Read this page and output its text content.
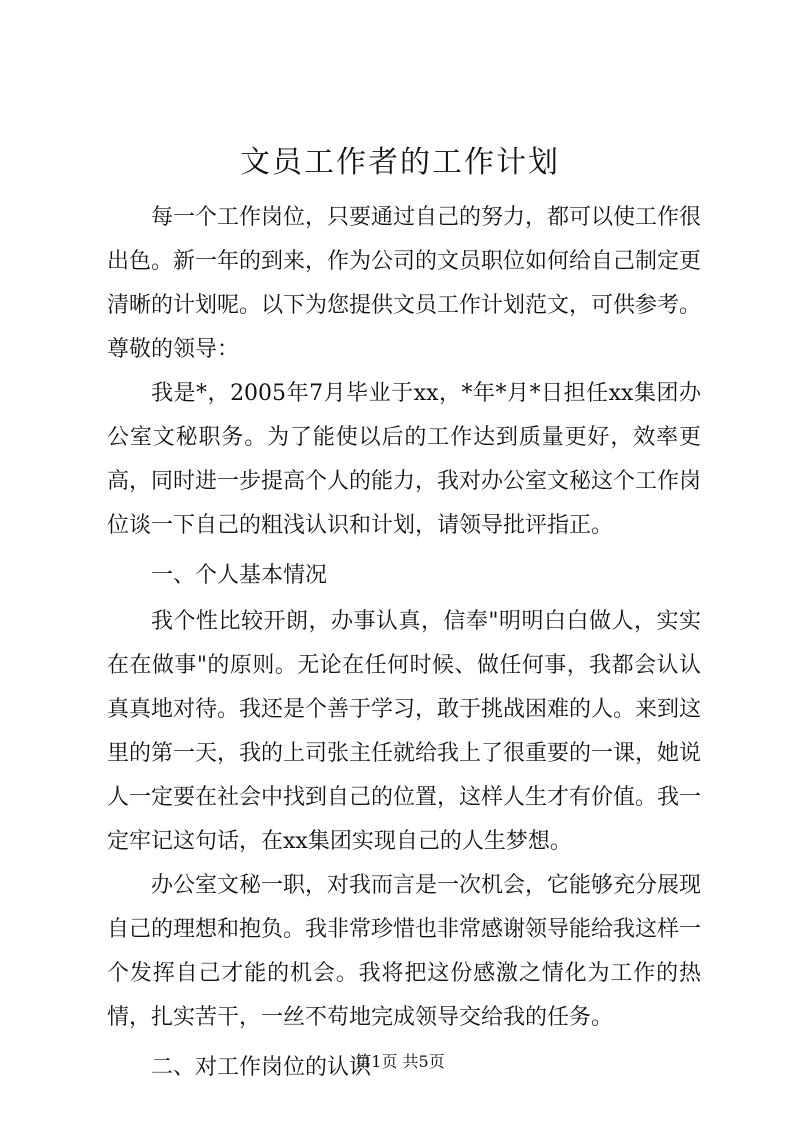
文员工作者的工作计划

每一个工作岗位，只要通过自己的努力，都可以使工作很出色。新一年的到来，作为公司的文员职位如何给自己制定更清晰的计划呢。以下为您提供文员工作计划范文，可供参考。尊敬的领导：

我是*，2005年7月毕业于xx，*年*月*日担任xx集团办公室文秘职务。为了能使以后的工作达到质量更好，效率更高，同时进一步提高个人的能力，我对办公室文秘这个工作岗位谈一下自己的粗浅认识和计划，请领导批评指正。

一、个人基本情况

我个性比较开朗，办事认真，信奉"明明白白做人，实实在在做事"的原则。无论在任何时候、做任何事，我都会认认真真地对待。我还是个善于学习，敢于挑战困难的人。来到这里的第一天，我的上司张主任就给我上了很重要的一课，她说人一定要在社会中找到自己的位置，这样人生才有价值。我一定牢记这句话，在xx集团实现自己的人生梦想。

办公室文秘一职，对我而言是一次机会，它能够充分展现自己的理想和抱负。我非常珍惜也非常感谢领导能给我这样一个发挥自己才能的机会。我将把这份感激之情化为工作的热情，扎实苦干，一丝不苟地完成领导交给我的任务。

二、对工作岗位的认识

第1页 共5页
